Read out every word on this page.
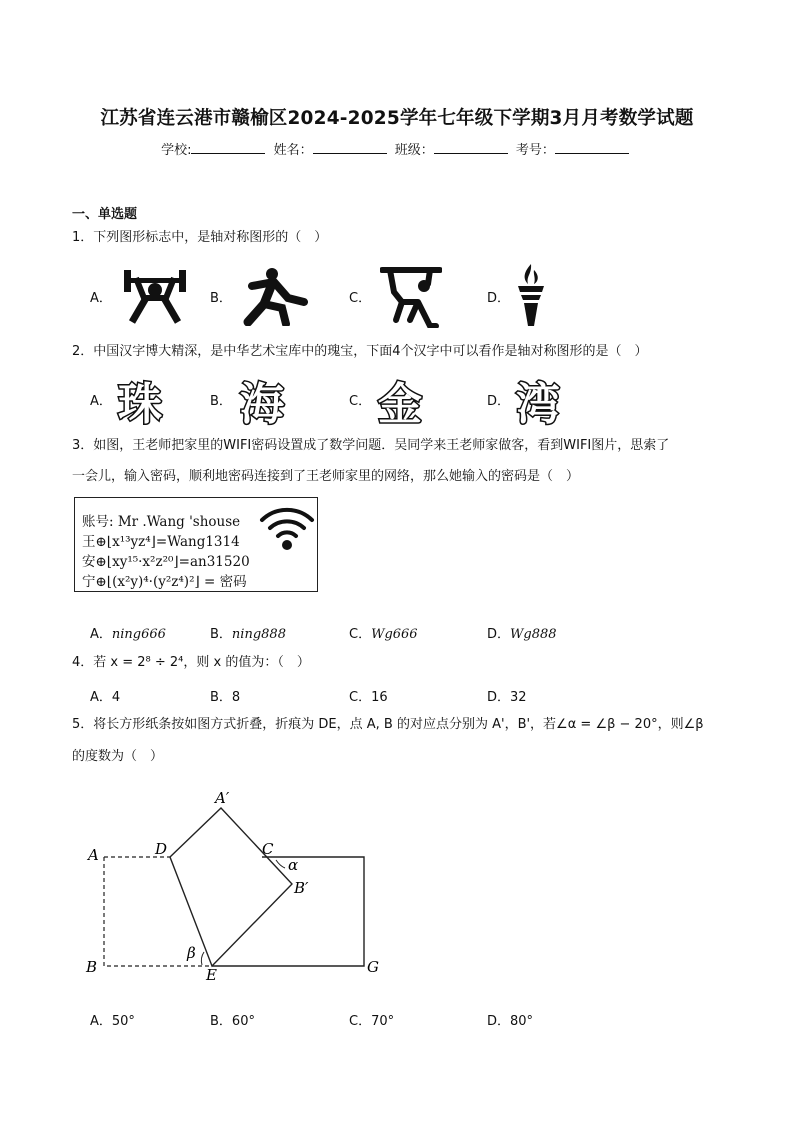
江苏省连云港市赣榆区2024-2025学年七年级下学期3月月考数学试题
学校:	姓名：	班级：	考号：
一、单选题
1．下列图形标志中，是轴对称图形的（　）
A．	B．	C．	D．
2．中国汉字博大精深，是中华艺术宝库中的瑰宝，下面4个汉字中可以看作是轴对称图形的是（　）
A．	B．	C．	D．
珠 海 金 湾
3．如图，王老师把家里的WIFI密码设置成了数学问题．吴同学来王老师家做客，看到WIFI图片，思索了
一会儿，输入密码，顺利地密码连接到了王老师家里的网络，那么她输入的密码是（　）
账号: Mr .Wang 'shouse
王⊕⌊x¹³yz⁴⌋=Wang1314
安⊕⌊xy¹⁵·x²z²⁰⌋=an31520
宁⊕⌊(x²y)⁴·(y²z⁴)²⌋ = 密码
A．ning666	B．ning888	C．Wg666	D．Wg888
4．若 x = 2⁸ ÷ 2⁴，则 x 的值为：（　）
A．4	B．8	C．16	D．32
5．将长方形纸条按如图方式折叠，折痕为 DE，点 A, B 的对应点分别为 A'，B'，若∠α = ∠β − 20°，则∠β
的度数为（　）
A	D
A′
C
α
B′
β
B	E	G
A．50°	B．60°	C．70°	D．80°
